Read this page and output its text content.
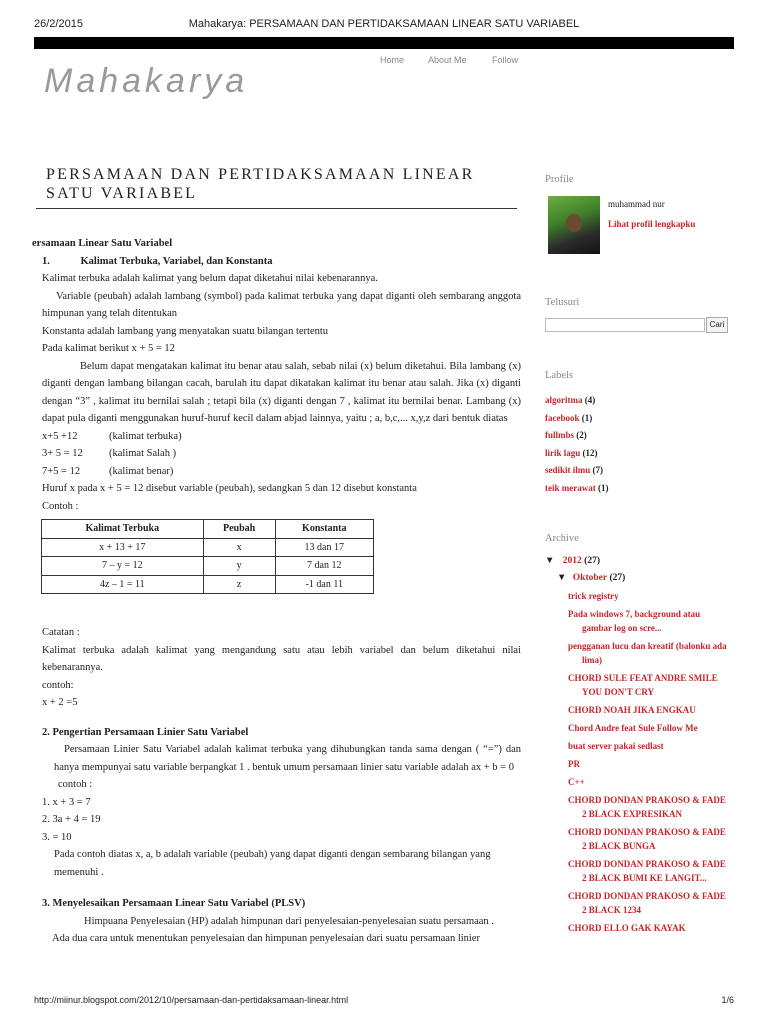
26/2/2015	Mahakarya: PERSAMAAN DAN PERTIDAKSAMAAN LINEAR SATU VARIABEL
Mahakarya
Home	About Me	Follow
PERSAMAAN DAN PERTIDAKSAMAAN LINEAR SATU VARIABEL

ersamaan Linear Satu Variabel

1.	Kalimat Terbuka, Variabel, dan Konstanta

Kalimat terbuka adalah kalimat yang belum dapat diketahui nilai kebenarannya.

Variable (peubah) adalah lambang (symbol) pada kalimat terbuka yang dapat diganti oleh sembarang anggota himpunan yang telah ditentukan

Konstanta adalah lambang yang menyatakan suatu bilangan tertentu

Pada kalimat berikut x + 5 = 12

Belum dapat mengatakan kalimat itu benar atau salah, sebab nilai (x) belum diketahui. Bila lambang (x) diganti dengan lambang bilangan cacah, barulah itu dapat dikatakan kalimat itu benar atau salah. Jika (x) diganti dengan “3” , kalimat itu bernilai salah ; tetapi bila (x) diganti dengan 7 , kalimat itu bernilai benar. Lambang (x) dapat pula diganti menggunakan huruf-huruf kecil dalam abjad lainnya, yaitu ; a, b,c,... x,y,z dari bentuk diatas

x+5 +12	(kalimat terbuka)

3+ 5 = 12	(kalimat Salah )

7+5 = 12	(kalimat benar)

Huruf x pada x + 5 = 12 disebut variable (peubah), sedangkan 5 dan 12 disebut konstanta

Contoh :

Kalimat Terbuka	Peubah	Konstanta
x + 13 + 17	x	13 dan 17
7 – y = 12	y	7 dan 12
4z – 1 = 11	z	-1 dan 11

Catatan :

Kalimat terbuka adalah kalimat yang mengandung satu atau lebih variabel dan belum diketahui nilai kebenarannya.

contoh:

x + 2 =5

2. Pengertian Persamaan Linier Satu Variabel

Persamaan Linier Satu Variabel adalah kalimat terbuka yang dihubungkan tanda sama dengan ( “=”) dan hanya mempunyai satu variable berpangkat 1 . bentuk umum persamaan linier satu variable adalah ax + b = 0

contoh :

1. x + 3 = 7

2. 3a + 4 = 19

3. = 10

Pada contoh diatas x, a, b adalah variable (peubah) yang dapat diganti dengan sembarang bilangan yang memenuhi .

3. Menyelesaikan Persamaan Linear Satu Variabel (PLSV)

Himpuana Penyelesaian (HP) adalah himpunan dari penyelesaian-penyelesaian suatu persamaan .

Ada dua cara untuk menentukan penyelesaian dan himpunan penyelesaian dari suatu persamaan linier

Profile
muhammad nur
Lihat profil lengkapku
Telusuri
Cari
Labels
algoritma (4)
facebook (1)
fullmbs (2)
lirik lagu (12)
sedikit ilmu (7)
teik merawat (1)
Archive
▼ 2012 (27)
▼ Oktober (27)
trick registry
Pada windows 7, background atau gambar log on scre...
pengganan lucu dan kreatif (balonku ada lima)
CHORD SULE FEAT ANDRE SMILE YOU DON'T CRY
CHORD NOAH JIKA ENGKAU
Chord Andre feat Sule Follow Me
buat server pakai sedlast
PR
C++
CHORD DONDAN PRAKOSO & FADE 2 BLACK EXPRESIKAN
CHORD DONDAN PRAKOSO & FADE 2 BLACK BUNGA
CHORD DONDAN PRAKOSO & FADE 2 BLACK BUMI KE LANGIT...
CHORD DONDAN PRAKOSO & FADE 2 BLACK 1234
CHORD ELLO GAK KAYAK
http://miinur.blogspot.com/2012/10/persamaan-dan-pertidaksamaan-linear.html	1/6
